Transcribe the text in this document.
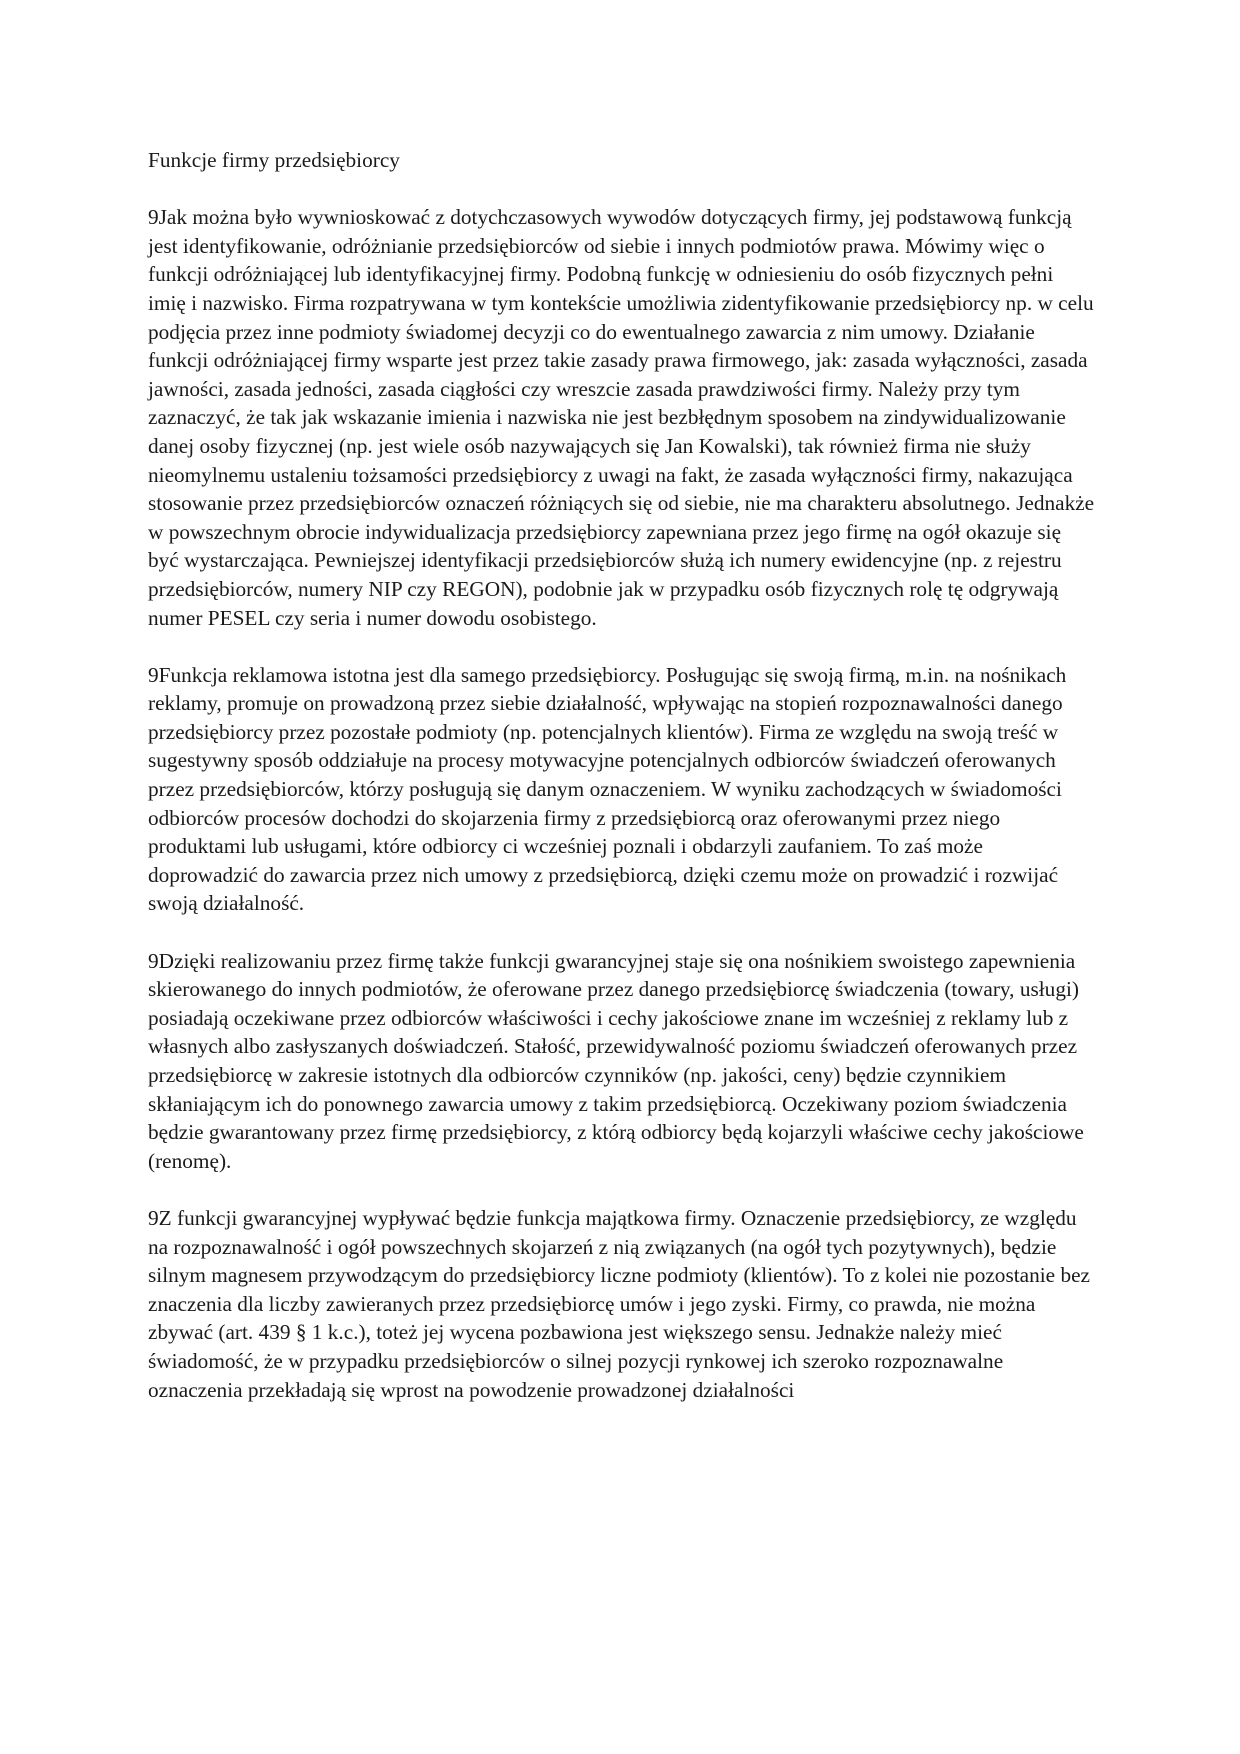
Funkcje firmy przedsiębiorcy

9Jak można było wywnioskować z dotychczasowych wywodów dotyczących firmy, jej podstawową funkcją jest identyfikowanie, odróżnianie przedsiębiorców od siebie i innych podmiotów prawa. Mówimy więc o funkcji odróżniającej lub identyfikacyjnej firmy. Podobną funkcję w odniesieniu do osób fizycznych pełni imię i nazwisko. Firma rozpatrywana w tym kontekście umożliwia zidentyfikowanie przedsiębiorcy np. w celu podjęcia przez inne podmioty świadomej decyzji co do ewentualnego zawarcia z nim umowy. Działanie funkcji odróżniającej firmy wsparte jest przez takie zasady prawa firmowego, jak: zasada wyłączności, zasada jawności, zasada jedności, zasada ciągłości czy wreszcie zasada prawdziwości firmy. Należy przy tym zaznaczyć, że tak jak wskazanie imienia i nazwiska nie jest bezbłędnym sposobem na zindywidualizowanie danej osoby fizycznej (np. jest wiele osób nazywających się Jan Kowalski), tak również firma nie służy nieomylnemu ustaleniu tożsamości przedsiębiorcy z uwagi na fakt, że zasada wyłączności firmy, nakazująca stosowanie przez przedsiębiorców oznaczeń różniących się od siebie, nie ma charakteru absolutnego. Jednakże w powszechnym obrocie indywidualizacja przedsiębiorcy zapewniana przez jego firmę na ogół okazuje się być wystarczająca. Pewniejszej identyfikacji przedsiębiorców służą ich numery ewidencyjne (np. z rejestru przedsiębiorców, numery NIP czy REGON), podobnie jak w przypadku osób fizycznych rolę tę odgrywają numer PESEL czy seria i numer dowodu osobistego.

9Funkcja reklamowa istotna jest dla samego przedsiębiorcy. Posługując się swoją firmą, m.in. na nośnikach reklamy, promuje on prowadzoną przez siebie działalność, wpływając na stopień rozpoznawalności danego przedsiębiorcy przez pozostałe podmioty (np. potencjalnych klientów). Firma ze względu na swoją treść w sugestywny sposób oddziałuje na procesy motywacyjne potencjalnych odbiorców świadczeń oferowanych przez przedsiębiorców, którzy posługują się danym oznaczeniem. W wyniku zachodzących w świadomości odbiorców procesów dochodzi do skojarzenia firmy z przedsiębiorcą oraz oferowanymi przez niego produktami lub usługami, które odbiorcy ci wcześniej poznali i obdarzyli zaufaniem. To zaś może doprowadzić do zawarcia przez nich umowy z przedsiębiorcą, dzięki czemu może on prowadzić i rozwijać swoją działalność.

9Dzięki realizowaniu przez firmę także funkcji gwarancyjnej staje się ona nośnikiem swoistego zapewnienia skierowanego do innych podmiotów, że oferowane przez danego przedsiębiorcę świadczenia (towary, usługi) posiadają oczekiwane przez odbiorców właściwości i cechy jakościowe znane im wcześniej z reklamy lub z własnych albo zasłyszanych doświadczeń. Stałość, przewidywalność poziomu świadczeń oferowanych przez przedsiębiorcę w zakresie istotnych dla odbiorców czynników (np. jakości, ceny) będzie czynnikiem skłaniającym ich do ponownego zawarcia umowy z takim przedsiębiorcą. Oczekiwany poziom świadczenia będzie gwarantowany przez firmę przedsiębiorcy, z którą odbiorcy będą kojarzyli właściwe cechy jakościowe (renomę).

9Z funkcji gwarancyjnej wypływać będzie funkcja majątkowa firmy. Oznaczenie przedsiębiorcy, ze względu na rozpoznawalność i ogół powszechnych skojarzeń z nią związanych (na ogół tych pozytywnych), będzie silnym magnesem przywodzącym do przedsiębiorcy liczne podmioty (klientów). To z kolei nie pozostanie bez znaczenia dla liczby zawieranych przez przedsiębiorcę umów i jego zyski. Firmy, co prawda, nie można zbywać (art. 439 § 1 k.c.), toteż jej wycena pozbawiona jest większego sensu. Jednakże należy mieć świadomość, że w przypadku przedsiębiorców o silnej pozycji rynkowej ich szeroko rozpoznawalne oznaczenia przekładają się wprost na powodzenie prowadzonej działalności
